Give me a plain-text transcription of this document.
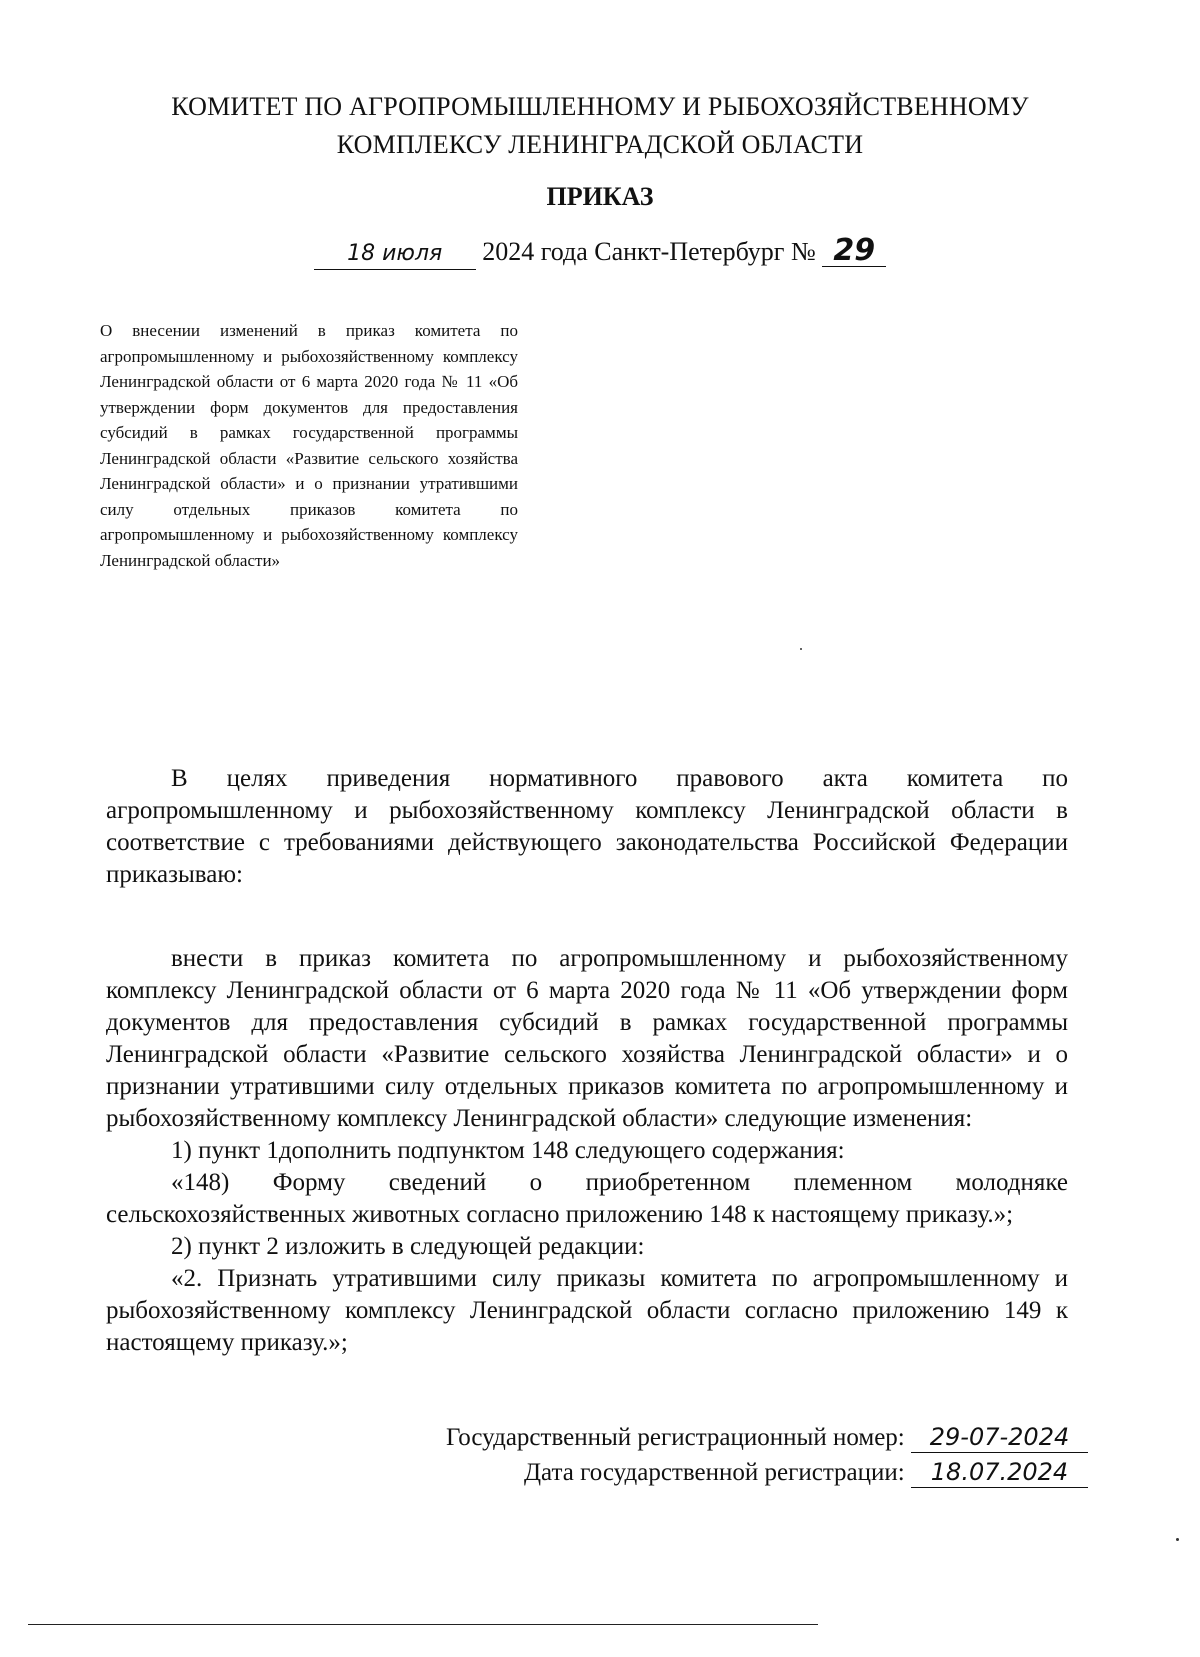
КОМИТЕТ ПО АГРОПРОМЫШЛЕННОМУ И РЫБОХОЗЯЙСТВЕННОМУ
КОМПЛЕКСУ ЛЕНИНГРАДСКОЙ ОБЛАСТИ
ПРИКАЗ
18 июля 2024 года Санкт-Петербург № 29
О внесении изменений в приказ комитета по агропромышленному и рыбохозяйственному комплексу Ленинградской области от 6 марта 2020 года № 11 «Об утверждении форм документов для предоставления субсидий в рамках государственной программы Ленинградской области «Развитие сельского хозяйства Ленинградской области» и о признании утратившими силу отдельных приказов комитета по агропромышленному и рыбохозяйственному комплексу Ленинградской области»

В целях приведения нормативного правового акта комитета по агропромышленному и рыбохозяйственному комплексу Ленинградской области в соответствие с требованиями действующего законодательства Российской Федерации приказываю:

внести в приказ комитета по агропромышленному и рыбохозяйственному комплексу Ленинградской области от 6 марта 2020 года № 11 «Об утверждении форм документов для предоставления субсидий в рамках государственной программы Ленинградской области «Развитие сельского хозяйства Ленинградской области» и о признании утратившими силу отдельных приказов комитета по агропромышленному и рыбохозяйственному комплексу Ленинградской области» следующие изменения:

1) пункт 1дополнить подпунктом 148 следующего содержания:

«148) Форму сведений о приобретенном племенном молодняке сельскохозяйственных животных согласно приложению 148 к настоящему приказу.»;

2) пункт 2 изложить в следующей редакции:

«2. Признать утратившими силу приказы комитета по агропромышленному и рыбохозяйственному комплексу Ленинградской области согласно приложению 149 к настоящему приказу.»;

Государственный регистрационный номер: 29-07-2024
Дата государственной регистрации: 18.07.2024
